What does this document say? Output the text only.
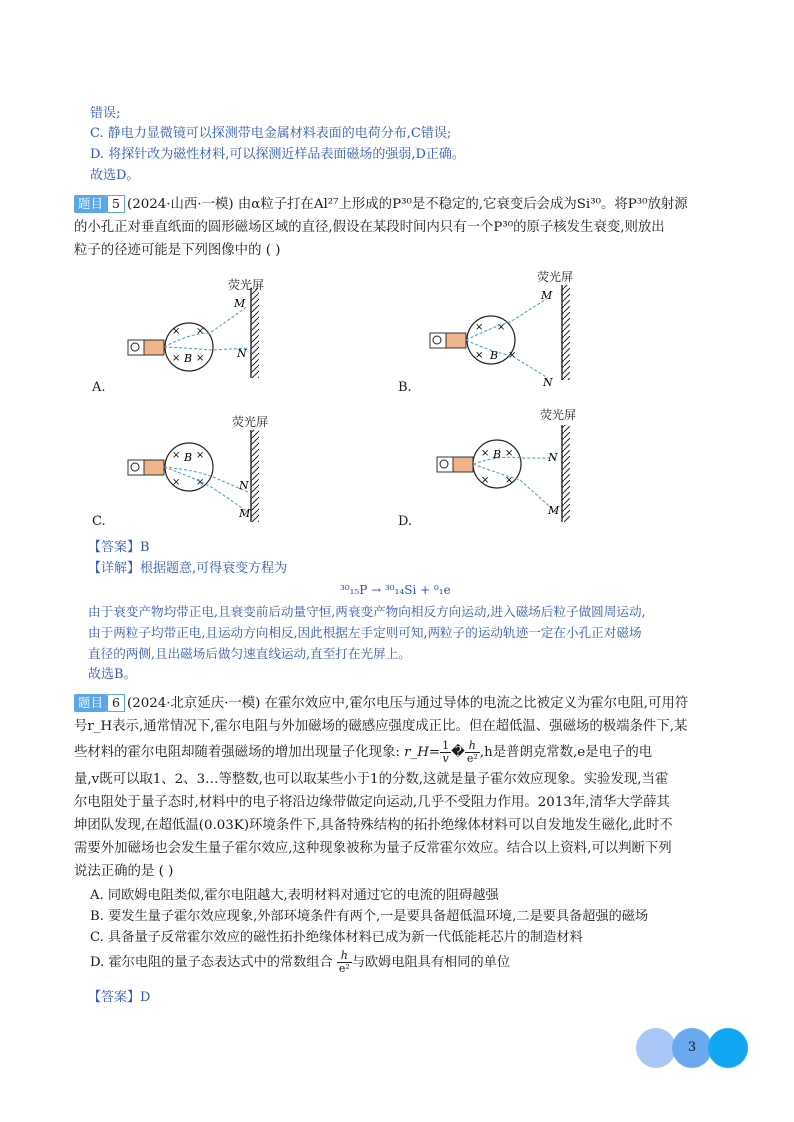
错误;
C. 静电力显微镜可以探测带电金属材料表面的电荷分布,C错误;
D. 将探针改为磁性材料,可以探测近样品表面磁场的强弱,D正确。
故选D。
题目 5 (2024·山西·一模) 由α粒子打在Al²⁷上形成的P³⁰是不稳定的,它衰变后会成为Si³⁰。将P³⁰放射源
的小孔正对垂直纸面的圆形磁场区域的直径,假设在某段时间内只有一个P³⁰的原子核发生衰变,则放出
粒子的径迹可能是下列图像中的 ( )
× ×
× ×
B
M
N
× ×
× ×
B
M
N
× ×
× ×
B
N
M
× ×
× ×
B	N
M
荧光屏
荧光屏
荧光屏	荧光屏
A.	B.
C.	D.
【答案】B
【详解】根据题意,可得衰变方程为
³⁰₁₅P → ³⁰₁₄Si + ⁰₁e
由于衰变产物均带正电,且衰变前后动量守恒,两衰变产物向相反方向运动,进入磁场后粒子做圆周运动,
由于两粒子均带正电,且运动方向相反,因此根据左手定则可知,两粒子的运动轨迹一定在小孔正对磁场
直径的两侧,且出磁场后做匀速直线运动,直至打在光屏上。
故选B。
题目 6 (2024·北京延庆·一模) 在霍尔效应中,霍尔电压与通过导体的电流之比被定义为霍尔电阻,可用符
号r_H表示,通常情况下,霍尔电阻与外加磁场的磁感应强度成正比。但在超低温、强磁场的极端条件下,某
些材料的霍尔电阻却随着强磁场的增加出现量子化现象: r_H= $\frac{1}{v}$ � $\frac{h}{\text{e²}} ,h$是普朗克常数,e是电子的电
量,v既可以取1、2、3…等整数,也可以取某些小于1的分数,这就是量子霍尔效应现象。实验发现,当霍
尔电阻处于量子态时,材料中的电子将沿边缘带做定向运动,几乎不受阻力作用。2013年,清华大学薛其
坤团队发现,在超低温(0.03K)环境条件下,具备特殊结构的拓扑绝缘体材料可以自发地发生磁化,此时不
需要外加磁场也会发生量子霍尔效应,这种现象被称为量子反常霍尔效应。结合以上资料,可以判断下列
说法正确的是 ( )
A. 同欧姆电阻类似,霍尔电阻越大,表明材料对通过它的电流的阻碍越强
B. 要发生量子霍尔效应现象,外部环境条件有两个,一是要具备超低温环境,二是要具备超强的磁场
C. 具备量子反常霍尔效应的磁性拓扑绝缘体材料已成为新一代低能耗芯片的制造材料
D. 霍尔电阻的量子态表达式中的常数组合 $\frac{h}{\text{e²}}$ 与欧姆电阻具有相同的单位
【答案】D
3
